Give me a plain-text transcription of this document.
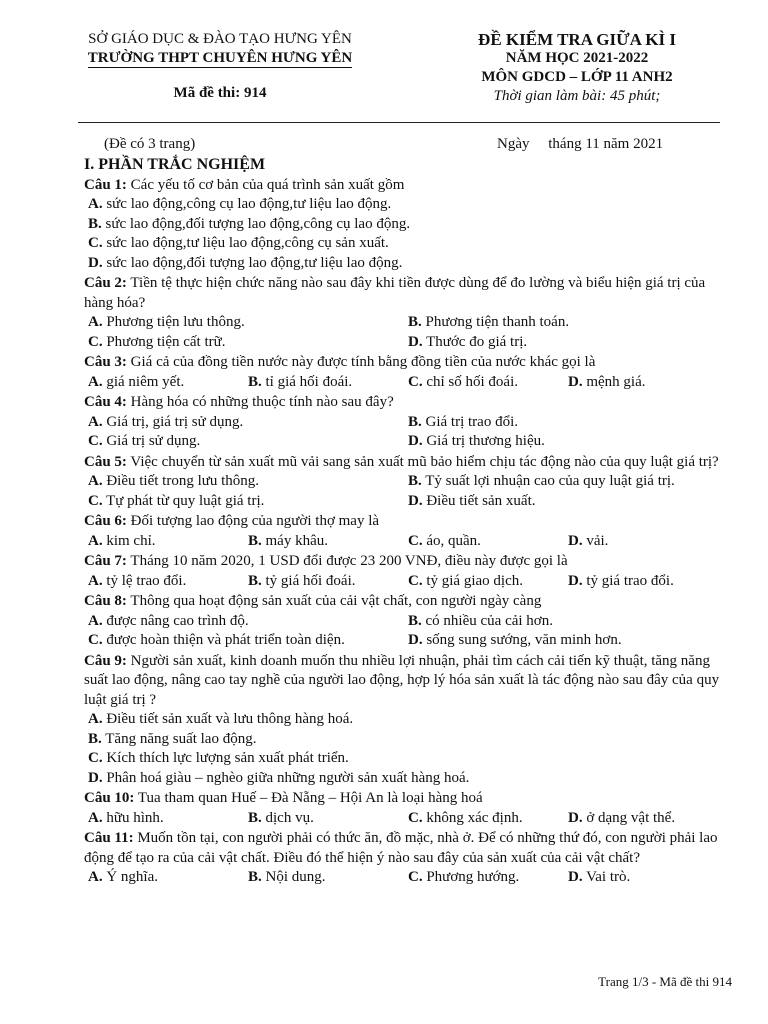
SỞ GIÁO DỤC & ĐÀO TẠO HƯNG YÊN
TRƯỜNG THPT CHUYÊN HƯNG YÊN
Mã đề thi: 914
ĐỀ KIỂM TRA GIỮA KÌ I
NĂM HỌC 2021-2022
MÔN GDCD – LỚP 11 ANH2
Thời gian làm bài: 45 phút;
(Đề có 3 trang)	Ngày     tháng 11 năm 2021
I. PHẦN TRẮC NGHIỆM
Câu 1: Các yếu tố cơ bản của quá trình sản xuất gồm
A. sức lao động,công cụ lao động,tư liệu lao động.
B. sức lao động,đối tượng lao động,công cụ lao động.
C. sức lao động,tư liệu lao động,công cụ sản xuất.
D. sức lao động,đối tượng lao động,tư liệu lao động.
Câu 2: Tiền tệ thực hiện chức năng nào sau đây khi tiền được dùng để đo lường và biểu hiện giá trị của hàng hóa?
A. Phương tiện lưu thông.	B. Phương tiện thanh toán.
C. Phương tiện cất trữ.	D. Thước đo giá trị.
Câu 3: Giá cả của đồng tiền nước này được tính bằng đồng tiền của nước khác gọi là
A. giá niêm yết.	B. tỉ giá hối đoái.	C. chỉ số hối đoái.	D. mệnh giá.
Câu 4: Hàng hóa có những thuộc tính nào sau đây?
A. Giá trị, giá trị sử dụng.	B. Giá trị trao đổi.
C. Giá trị sử dụng.	D. Giá trị thương hiệu.
Câu 5: Việc chuyển từ sản xuất mũ vải sang sản xuất mũ bảo hiểm chịu tác động nào của quy luật giá trị?
A. Điều tiết trong lưu thông.	B. Tỷ suất lợi nhuận cao của quy luật giá trị.
C. Tự phát từ quy luật giá trị.	D. Điều tiết sản xuất.
Câu 6: Đối tượng lao động của người thợ may là
A. kim chỉ.	B. máy khâu.	C. áo, quần.	D. vải.
Câu 7: Tháng 10 năm 2020, 1 USD đổi được 23 200 VNĐ, điều này được gọi là
A. tỷ lệ trao đổi.	B. tỷ giá hối đoái.	C. tỷ giá giao dịch.	D. tỷ giá trao đổi.
Câu 8: Thông qua hoạt động sản xuất của cải vật chất, con người ngày càng
A. được nâng cao trình độ.	B. có nhiều của cải hơn.
C. được hoàn thiện và phát triển toàn diện.	D. sống sung sướng, văn minh hơn.
Câu 9: Người sản xuất, kinh doanh muốn thu nhiều lợi nhuận, phải tìm cách cải tiến kỹ thuật, tăng năng suất lao động, nâng cao tay nghề của người lao động, hợp lý hóa sản xuất là tác động nào sau đây của quy luật giá trị ?
A. Điều tiết sản xuất và lưu thông hàng hoá.
B. Tăng năng suất lao động.
C. Kích thích lực lượng sản xuất phát triển.
D. Phân hoá giàu – nghèo giữa những người sản xuất hàng hoá.
Câu 10: Tua tham quan Huế – Đà Nẵng – Hội An là loại hàng hoá
A. hữu hình.	B. dịch vụ.	C. không xác định.	D. ở dạng vật thể.
Câu 11: Muốn tồn tại, con người phải có thức ăn, đồ mặc, nhà ở. Để có những thứ đó, con người phải lao động để tạo ra của cải vật chất. Điều đó thể hiện ý nào sau đây của sản xuất của cải vật chất?
A. Ý nghĩa.	B. Nội dung.	C. Phương hướng.	D. Vai trò.
Trang 1/3 - Mã đề thi 914
